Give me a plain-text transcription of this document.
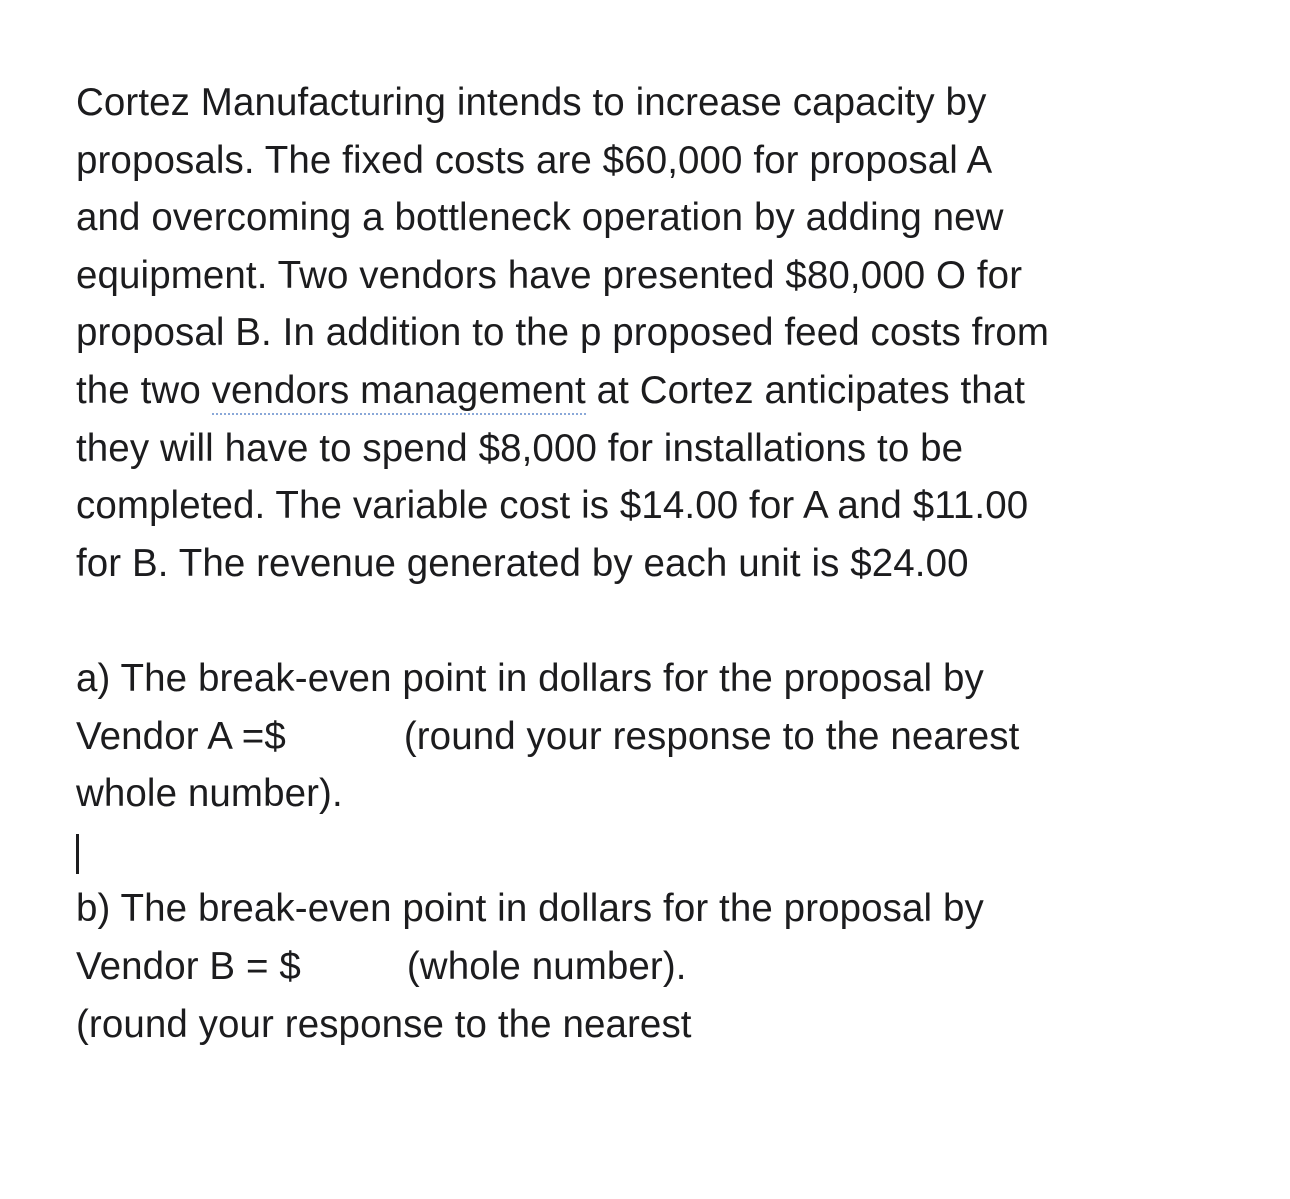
Cortez Manufacturing intends to increase capacity by
proposals. The fixed costs are $60,000 for proposal A
and overcoming a bottleneck operation by adding new
equipment. Two vendors have presented $80,000 O for
proposal B. In addition to the p proposed feed costs from
the two vendors management at Cortez anticipates that
they will have to spend $8,000 for installations to be
completed. The variable cost is $14.00 for A and $11.00
for B. The revenue generated by each unit is $24.00
a) The break-even point in dollars for the proposal by
Vendor A =$	(round your response to the nearest
whole number).
b) The break-even point in dollars for the proposal by
Vendor B = $	(whole number).
(round your response to the nearest
